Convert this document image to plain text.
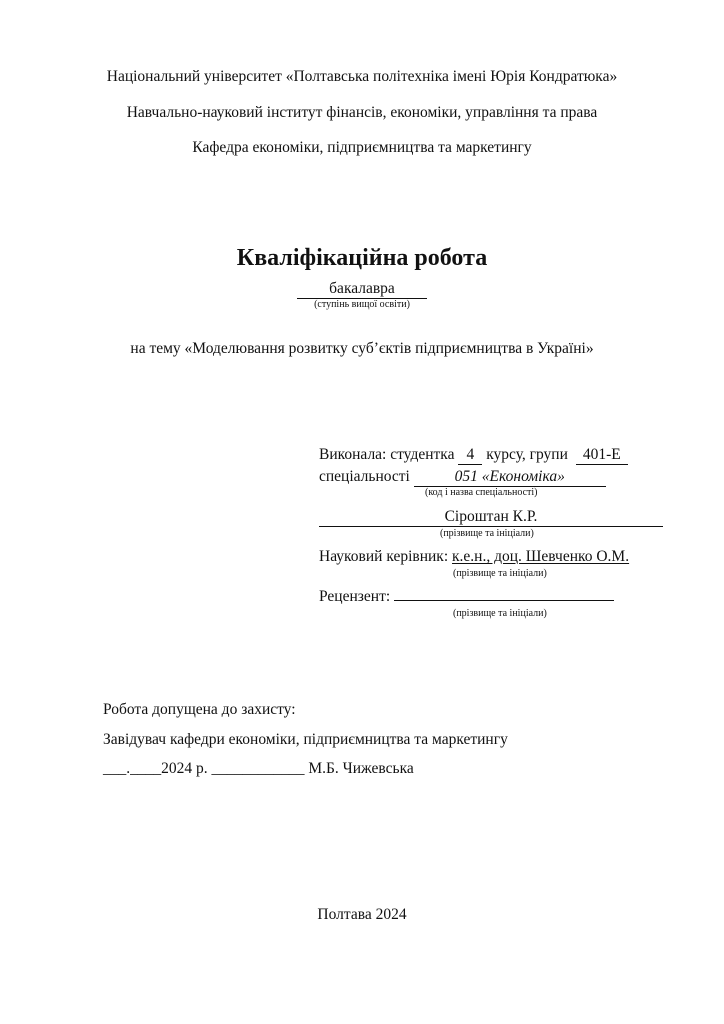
Національний університет «Полтавська політехніка імені Юрія Кондратюка»
Навчально-науковий інститут фінансів, економіки, управління та права
Кафедра економіки, підприємництва та маркетингу
Кваліфікаційна робота
бакалавра
(ступінь вищої освіти)
на тему «Моделювання розвитку суб’єктів підприємництва в Україні»
Виконала: студентка 4 курсу, групи 401-Е
спеціальності	051 «Економіка»
(код і назва спеціальності)
Сіроштан К.Р.
(прізвище та ініціали)
Науковий керівник: к.е.н., доц. Шевченко О.М.
(прізвище та ініціали)
Рецензент:
(прізвище та ініціали)
Робота допущена до захисту:
Завідувач кафедри економіки, підприємництва та маркетингу
___.____2024 р. ____________ М.Б. Чижевська
Полтава 2024
